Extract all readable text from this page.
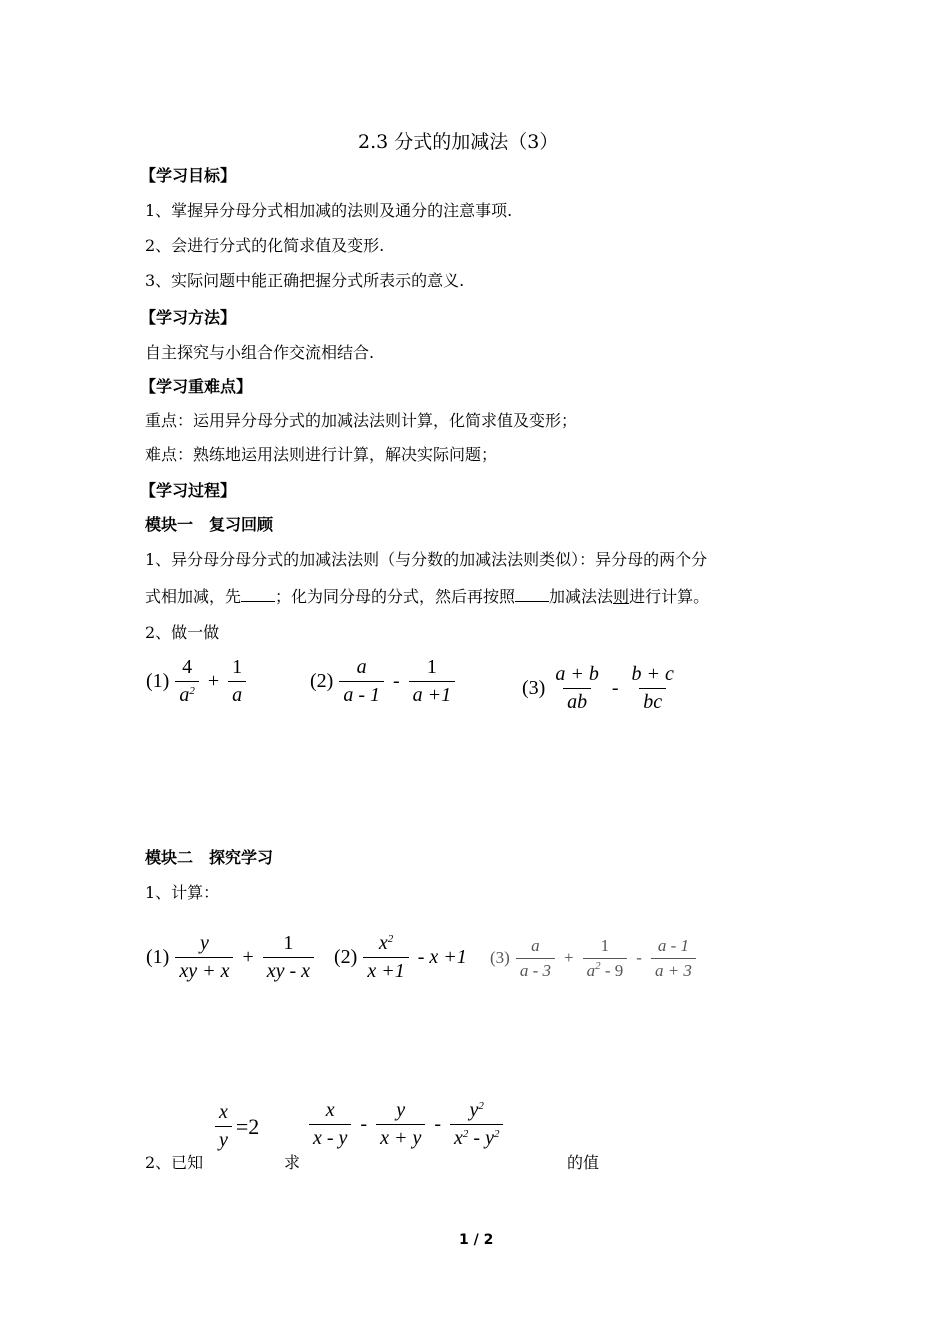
2.3 分式的加减法（3）
【学习目标】
1、掌握异分母分式相加减的法则及通分的注意事项.
2、会进行分式的化简求值及变形.
3、实际问题中能正确把握分式所表示的意义.
【学习方法】
自主探究与小组合作交流相结合.
【学习重难点】
重点：运用异分母分式的加减法法则计算，化简求值及变形；
难点：熟练地运用法则进行计算，解决实际问题；
【学习过程】
模块一　复习回顾
1、异分母分母分式的加减法法则（与分数的加减法法则类似）：异分母的两个分
式相加减，先 ；化为同分母的分式，然后再按照 加减法法则进行计算。
2、做一做
$(1) \frac{4}{a^2} + \frac{1}{a}$	$(2) \frac{a}{a - 1} - \frac{1}{a +1}$	$(3) \frac{a + b}{ab} - \frac{b + c}{bc}$
模块二　探究学习
1、计算：
$(1) \frac{y}{xy + x} + \frac{1}{xy - x} (2) \frac{x^2}{x +1} - x +1$ $(3) \frac{a}{a - 3} + \frac{1}{a^2 - 9} - \frac{a - 1}{a + 3}$
2、已知
$\frac{x}{y} =2$
求
$\frac{x}{x - y} - \frac{y}{x + y} - \frac{y^2}{x^2 - y^2}$
的值
1 / 2
